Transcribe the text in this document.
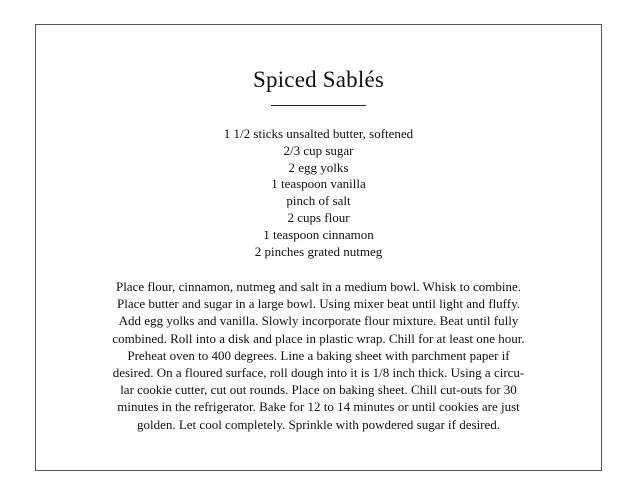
Spiced Sablés
1 1/2 sticks unsalted butter, softened
2/3 cup sugar
2 egg yolks
1 teaspoon vanilla
pinch of salt
2 cups flour
1 teaspoon cinnamon
2 pinches grated nutmeg
Place flour, cinnamon, nutmeg and salt in a medium bowl. Whisk to combine.
Place butter and sugar in a large bowl. Using mixer beat until light and fluffy.
Add egg yolks and vanilla. Slowly incorporate flour mixture. Beat until fully
combined. Roll into a disk and place in plastic wrap. Chill for at least one hour.
Preheat oven to 400 degrees. Line a baking sheet with parchment paper if
desired. On a floured surface, roll dough into it is 1/8 inch thick. Using a circu-
lar cookie cutter, cut out rounds. Place on baking sheet. Chill cut-outs for 30
minutes in the refrigerator. Bake for 12 to 14 minutes or until cookies are just
golden. Let cool completely. Sprinkle with powdered sugar if desired.
